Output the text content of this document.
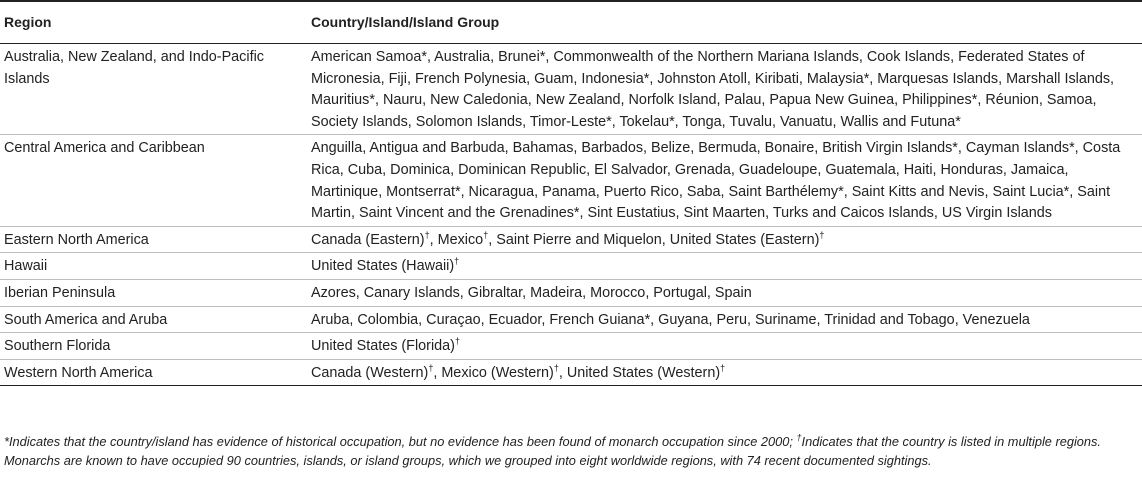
Region	Country/Island/Island Group
Australia, New Zealand, and Indo-Pacific Islands	American Samoa*, Australia, Brunei*, Commonwealth of the Northern Mariana Islands, Cook Islands, Federated States of Micronesia, Fiji, French Polynesia, Guam, Indonesia*, Johnston Atoll, Kiribati, Malaysia*, Marquesas Islands, Marshall Islands, Mauritius*, Nauru, New Caledonia, New Zealand, Norfolk Island, Palau, Papua New Guinea, Philippines*, Réunion, Samoa, Society Islands, Solomon Islands, Timor-Leste*, Tokelau*, Tonga, Tuvalu, Vanuatu, Wallis and Futuna*
Central America and Caribbean	Anguilla, Antigua and Barbuda, Bahamas, Barbados, Belize, Bermuda, Bonaire, British Virgin Islands*, Cayman Islands*, Costa Rica, Cuba, Dominica, Dominican Republic, El Salvador, Grenada, Guadeloupe, Guatemala, Haiti, Honduras, Jamaica, Martinique, Montserrat*, Nicaragua, Panama, Puerto Rico, Saba, Saint Barthélemy*, Saint Kitts and Nevis, Saint Lucia*, Saint Martin, Saint Vincent and the Grenadines*, Sint Eustatius, Sint Maarten, Turks and Caicos Islands, US Virgin Islands
Eastern North America	Canada (Eastern)†, Mexico†, Saint Pierre and Miquelon, United States (Eastern)†
Hawaii	United States (Hawaii)†
Iberian Peninsula	Azores, Canary Islands, Gibraltar, Madeira, Morocco, Portugal, Spain
South America and Aruba	Aruba, Colombia, Curaçao, Ecuador, French Guiana*, Guyana, Peru, Suriname, Trinidad and Tobago, Venezuela
Southern Florida	United States (Florida)†
Western North America	Canada (Western)†, Mexico (Western)†, United States (Western)†

*Indicates that the country/island has evidence of historical occupation, but no evidence has been found of monarch occupation since 2000; †Indicates that the country is listed in multiple regions.

Monarchs are known to have occupied 90 countries, islands, or island groups, which we grouped into eight worldwide regions, with 74 recent documented sightings.
